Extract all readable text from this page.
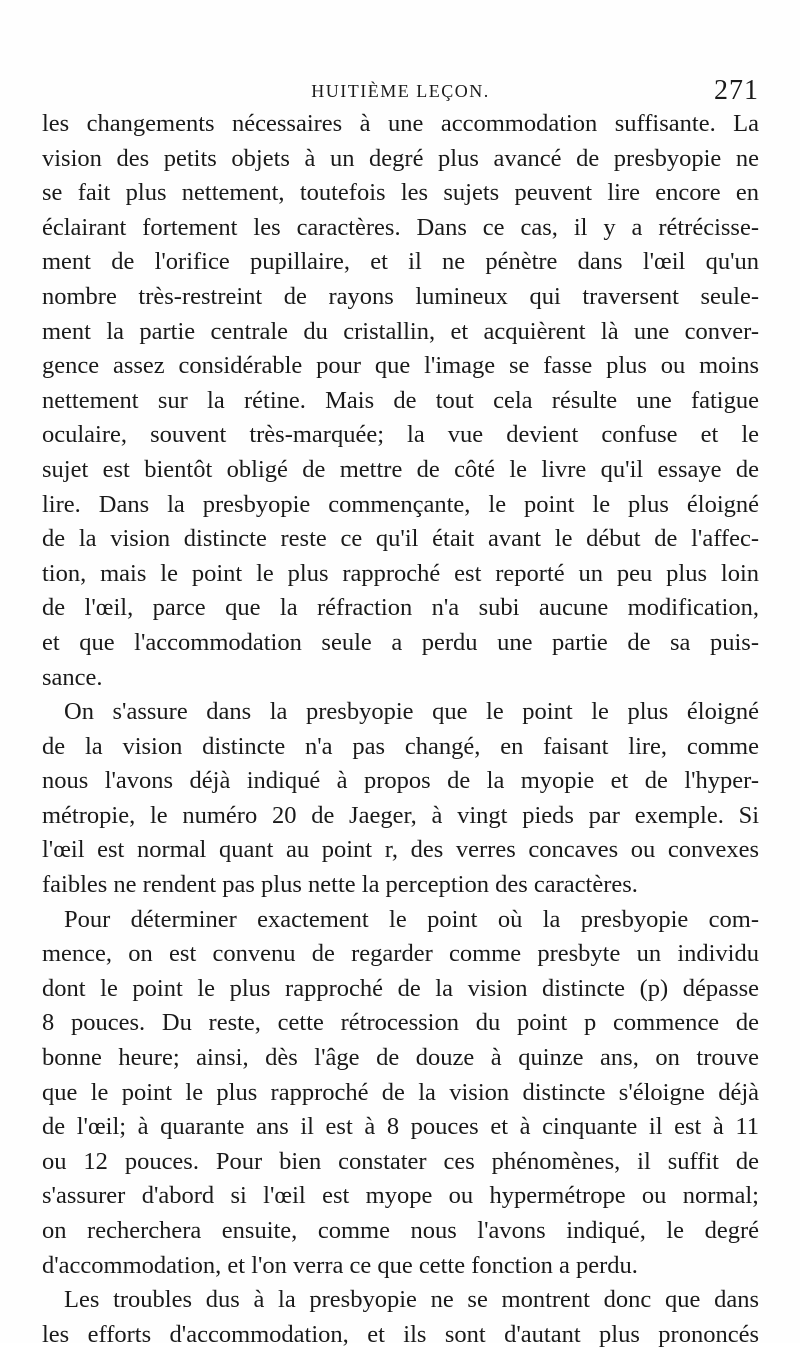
HUITIÈME LEÇON.	271
les changements nécessaires à une accommodation suffisante. La
vision des petits objets à un degré plus avancé de presbyopie ne
se fait plus nettement, toutefois les sujets peuvent lire encore en
éclairant fortement les caractères. Dans ce cas, il y a rétrécisse-
ment de l'orifice pupillaire, et il ne pénètre dans l'œil qu'un
nombre très-restreint de rayons lumineux qui traversent seule-
ment la partie centrale du cristallin, et acquièrent là une conver-
gence assez considérable pour que l'image se fasse plus ou moins
nettement sur la rétine. Mais de tout cela résulte une fatigue
oculaire, souvent très-marquée; la vue devient confuse et le
sujet est bientôt obligé de mettre de côté le livre qu'il essaye de
lire. Dans la presbyopie commençante, le point le plus éloigné
de la vision distincte reste ce qu'il était avant le début de l'affec-
tion, mais le point le plus rapproché est reporté un peu plus loin
de l'œil, parce que la réfraction n'a subi aucune modification,
et que l'accommodation seule a perdu une partie de sa puis-
sance.
On s'assure dans la presbyopie que le point le plus éloigné
de la vision distincte n'a pas changé, en faisant lire, comme
nous l'avons déjà indiqué à propos de la myopie et de l'hyper-
métropie, le numéro 20 de Jaeger, à vingt pieds par exemple. Si
l'œil est normal quant au point r, des verres concaves ou convexes
faibles ne rendent pas plus nette la perception des caractères.
Pour déterminer exactement le point où la presbyopie com-
mence, on est convenu de regarder comme presbyte un individu
dont le point le plus rapproché de la vision distincte (p) dépasse
8 pouces. Du reste, cette rétrocession du point p commence de
bonne heure; ainsi, dès l'âge de douze à quinze ans, on trouve
que le point le plus rapproché de la vision distincte s'éloigne déjà
de l'œil; à quarante ans il est à 8 pouces et à cinquante il est à 11
ou 12 pouces. Pour bien constater ces phénomènes, il suffit de
s'assurer d'abord si l'œil est myope ou hypermétrope ou normal;
on recherchera ensuite, comme nous l'avons indiqué, le degré
d'accommodation, et l'on verra ce que cette fonction a perdu.
Les troubles dus à la presbyopie ne se montrent donc que dans
les efforts d'accommodation, et ils sont d'autant plus prononcés
